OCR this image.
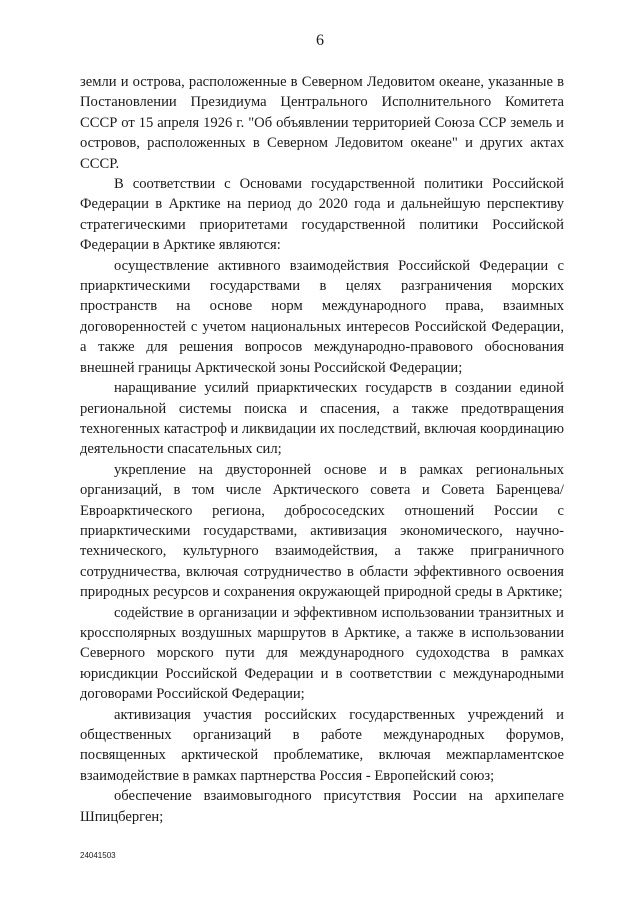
6

земли и острова, расположенные в Северном Ледовитом океане, указанные в Постановлении Президиума Центрального Исполнительного Комитета СССР от 15 апреля 1926 г. "Об объявлении территорией Союза ССР земель и островов, расположенных в Северном Ледовитом океане" и других актах СССР.

В соответствии с Основами государственной политики Российской Федерации в Арктике на период до 2020 года и дальнейшую перспективу стратегическими приоритетами государственной политики Российской Федерации в Арктике являются:

осуществление активного взаимодействия Российской Федерации с приарктическими государствами в целях разграничения морских пространств на основе норм международного права, взаимных договоренностей с учетом национальных интересов Российской Федерации, а также для решения вопросов международно-правового обоснования внешней границы Арктической зоны Российской Федерации;

наращивание усилий приарктических государств в создании единой региональной системы поиска и спасения, а также предотвращения техногенных катастроф и ликвидации их последствий, включая координацию деятельности спасательных сил;

укрепление на двусторонней основе и в рамках региональных организаций, в том числе Арктического совета и Совета Баренцева/Евроарктического региона, добрососедских отношений России с приарктическими государствами, активизация экономического, научно-технического, культурного взаимодействия, а также приграничного сотрудничества, включая сотрудничество в области эффективного освоения природных ресурсов и сохранения окружающей природной среды в Арктике;

содействие в организации и эффективном использовании транзитных и кроссполярных воздушных маршрутов в Арктике, а также в использовании Северного морского пути для международного судоходства в рамках юрисдикции Российской Федерации и в соответствии с международными договорами Российской Федерации;

активизация участия российских государственных учреждений и общественных организаций в работе международных форумов, посвященных арктической проблематике, включая межпарламентское взаимодействие в рамках партнерства Россия - Европейский союз;

обеспечение взаимовыгодного присутствия России на архипелаге Шпицберген;

24041503
